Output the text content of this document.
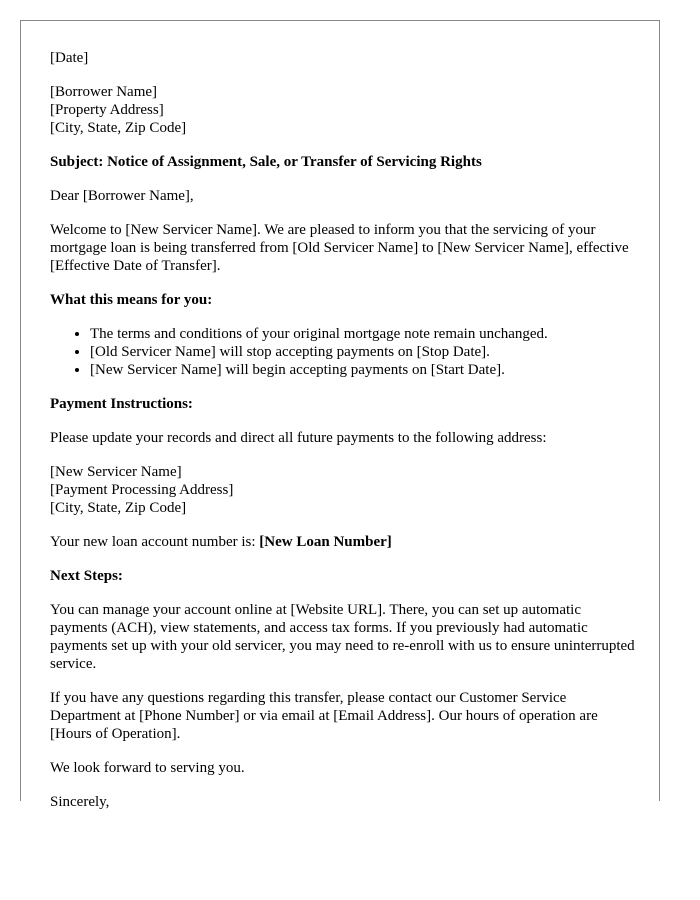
[Date]

[Borrower Name]
[Property Address]
[City, State, Zip Code]

Subject: Notice of Assignment, Sale, or Transfer of Servicing Rights

Dear [Borrower Name],

Welcome to [New Servicer Name]. We are pleased to inform you that the servicing of your mortgage loan is being transferred from [Old Servicer Name] to [New Servicer Name], effective [Effective Date of Transfer].

What this means for you:

• The terms and conditions of your original mortgage note remain unchanged.
• [Old Servicer Name] will stop accepting payments on [Stop Date].
• [New Servicer Name] will begin accepting payments on [Start Date].

Payment Instructions:

Please update your records and direct all future payments to the following address:

[New Servicer Name]
[Payment Processing Address]
[City, State, Zip Code]

Your new loan account number is: [New Loan Number]

Next Steps:

You can manage your account online at [Website URL]. There, you can set up automatic payments (ACH), view statements, and access tax forms. If you previously had automatic payments set up with your old servicer, you may need to re-enroll with us to ensure uninterrupted service.

If you have any questions regarding this transfer, please contact our Customer Service Department at [Phone Number] or via email at [Email Address]. Our hours of operation are [Hours of Operation].

We look forward to serving you.

Sincerely,
